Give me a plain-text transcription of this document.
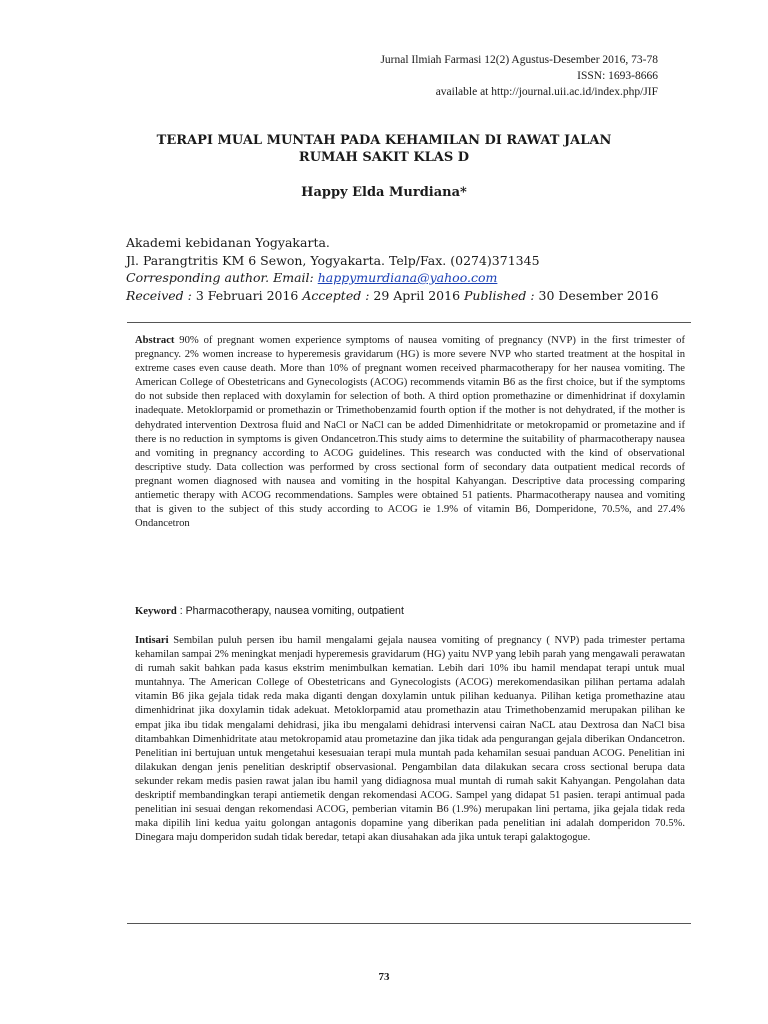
Jurnal Ilmiah Farmasi 12(2) Agustus-Desember 2016, 73-78
ISSN: 1693-8666
available at http://journal.uii.ac.id/index.php/JIF
TERAPI MUAL MUNTAH PADA KEHAMILAN DI RAWAT JALAN
RUMAH SAKIT KLAS D
Happy Elda Murdiana*
Akademi kebidanan Yogyakarta.
Jl. Parangtritis KM 6 Sewon, Yogyakarta. Telp/Fax. (0274)371345
Corresponding author. Email: happymurdiana@yahoo.com
Received : 3 Februari 2016 Accepted : 29 April 2016 Published : 30 Desember 2016
Abstract 90% of pregnant women experience symptoms of nausea vomiting of pregnancy (NVP) in the first trimester of pregnancy. 2% women increase to hyperemesis gravidarum (HG) is more severe NVP who started treatment at the hospital in extreme cases even cause death. More than 10% of pregnant women received pharmacotherapy for her nausea vomiting. The American College of Obestetricans and Gynecologists (ACOG) recommends vitamin B6 as the first choice, but if the symptoms do not subside then replaced with doxylamin for selection of both. A third option promethazine or dimenhidrinat if doxylamin inadequate. Metoklorpamid or promethazin or Trimethobenzamid fourth option if the mother is not dehydrated, if the mother is dehydrated intervention Dextrosa fluid and NaCl or NaCl can be added Dimenhidritate or metokropamid or prometazine and if there is no reduction in symptoms is given Ondancetron.This study aims to determine the suitability of pharmacotherapy nausea and vomiting in pregnancy according to ACOG guidelines. This research was conducted with the kind of observational descriptive study. Data collection was performed by cross sectional form of secondary data outpatient medical records of pregnant women diagnosed with nausea and vomiting in the hospital Kahyangan. Descriptive data processing comparing antiemetic therapy with ACOG recommendations. Samples were obtained 51 patients. Pharmacotherapy nausea and vomiting that is given to the subject of this study according to ACOG ie 1.9% of vitamin B6, Domperidone, 70.5%, and 27.4% Ondancetron
Keyword : Pharmacotherapy, nausea vomiting, outpatient
Intisari Sembilan puluh persen ibu hamil mengalami gejala nausea vomiting of pregnancy ( NVP) pada trimester pertama kehamilan sampai 2% meningkat menjadi hyperemesis gravidarum (HG) yaitu NVP yang lebih parah yang mengawali perawatan di rumah sakit bahkan pada kasus ekstrim menimbulkan kematian. Lebih dari 10% ibu hamil mendapat terapi untuk mual muntahnya. The American College of Obestetricans and Gynecologists (ACOG) merekomendasikan pilihan pertama adalah vitamin B6 jika gejala tidak reda maka diganti dengan doxylamin untuk pilihan keduanya. Pilihan ketiga promethazine atau dimenhidrinat jika doxylamin tidak adekuat. Metoklorpamid atau promethazin atau Trimethobenzamid merupakan pilihan ke empat jika ibu tidak mengalami dehidrasi, jika ibu mengalami dehidrasi intervensi cairan NaCL atau Dextrosa dan NaCl bisa ditambahkan Dimenhidritate atau metokropamid atau prometazine dan jika tidak ada pengurangan gejala diberikan Ondancetron. Penelitian ini bertujuan untuk mengetahui kesesuaian terapi mula muntah pada kehamilan sesuai panduan ACOG. Penelitian ini dilakukan dengan jenis penelitian deskriptif observasional. Pengambilan data dilakukan secara cross sectional berupa data sekunder rekam medis pasien rawat jalan ibu hamil yang didiagnosa mual muntah di rumah sakit Kahyangan. Pengolahan data deskriptif membandingkan terapi antiemetik dengan rekomendasi ACOG. Sampel yang didapat 51 pasien. terapi antimual pada penelitian ini sesuai dengan rekomendasi ACOG, pemberian vitamin B6 (1.9%) merupakan lini pertama, jika gejala tidak reda maka dipilih lini kedua yaitu golongan antagonis dopamine yang diberikan pada penelitian ini adalah domperidon 70.5%. Dinegara maju domperidon sudah tidak beredar, tetapi akan diusahakan ada jika untuk terapi galaktogogue.
73
